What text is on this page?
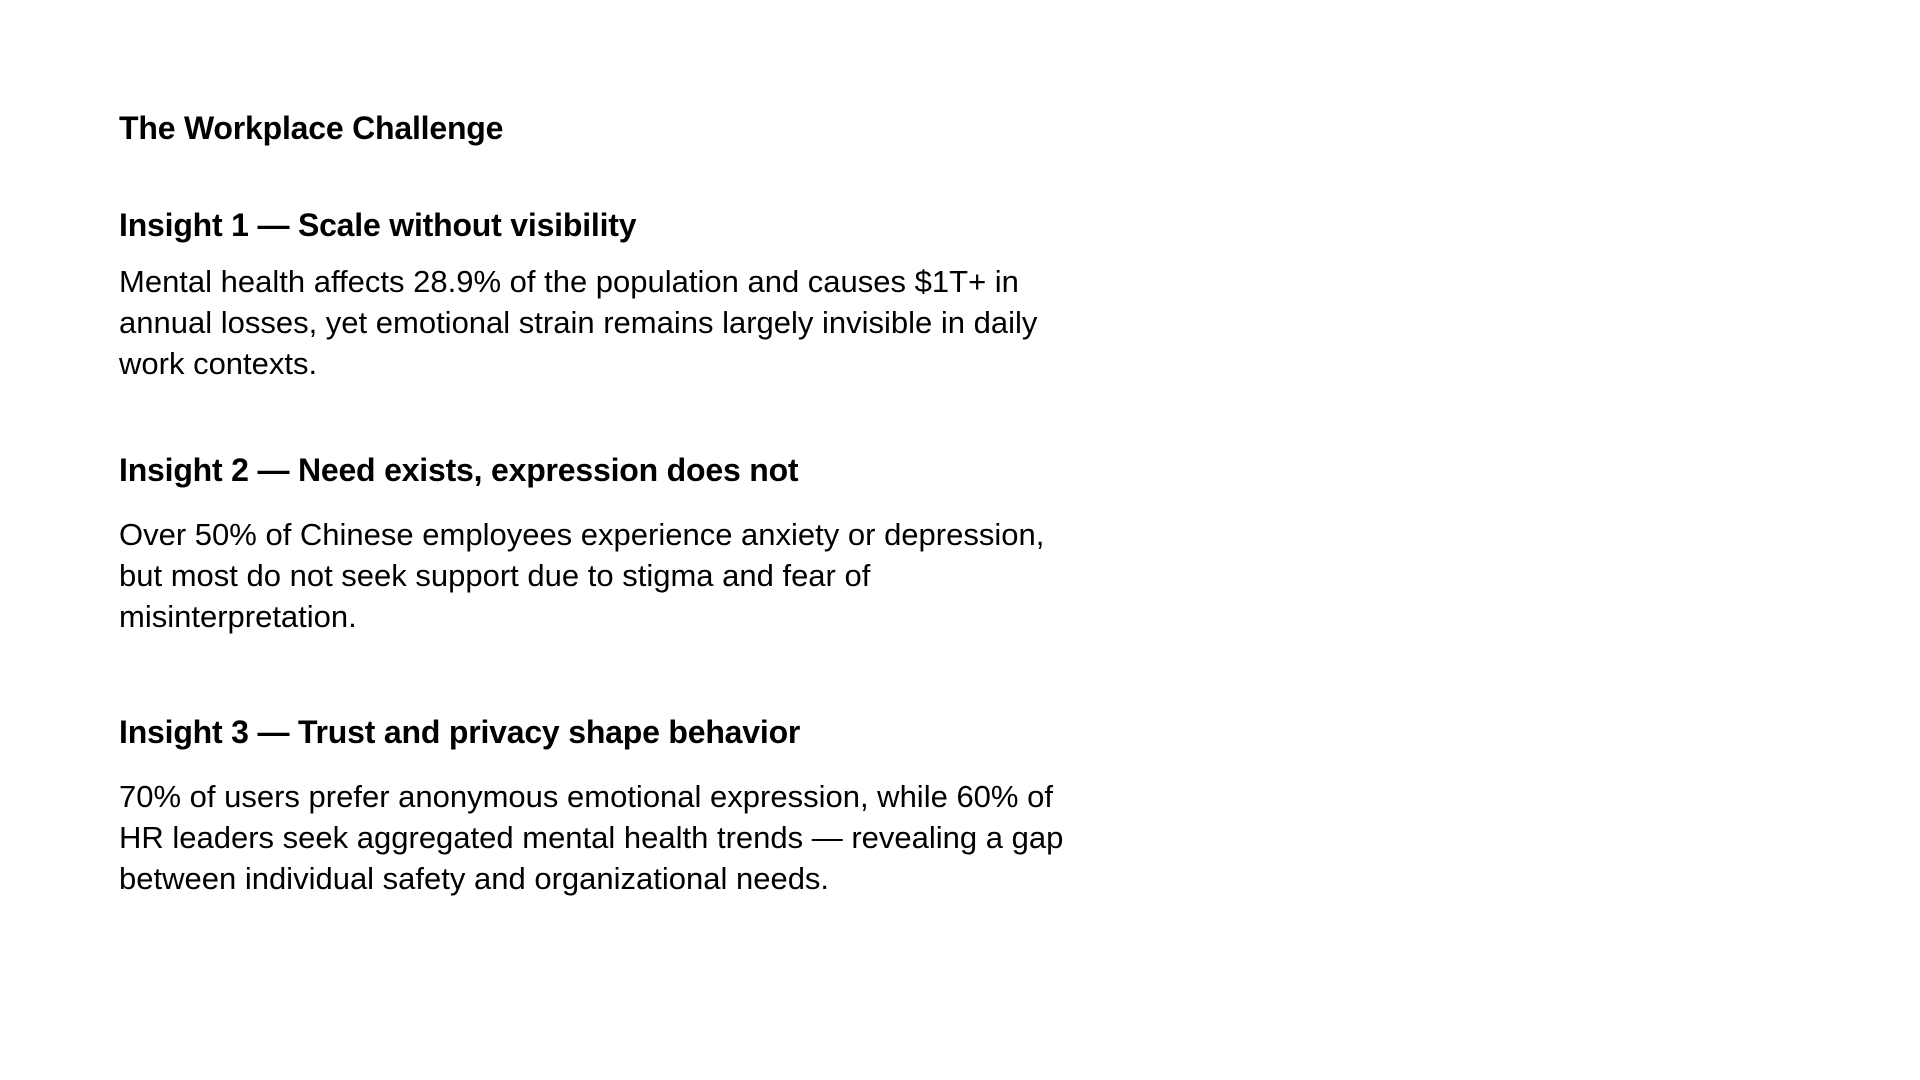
The Workplace Challenge
Insight 1 — Scale without visibility

Mental health affects 28.9% of the population and causes $1T+ in
annual losses, yet emotional strain remains largely invisible in daily
work contexts.

Insight 2 — Need exists, expression does not

Over 50% of Chinese employees experience anxiety or depression,
but most do not seek support due to stigma and fear of
misinterpretation.

Insight 3 — Trust and privacy shape behavior

70% of users prefer anonymous emotional expression, while 60% of
HR leaders seek aggregated mental health trends — revealing a gap
between individual safety and organizational needs.
